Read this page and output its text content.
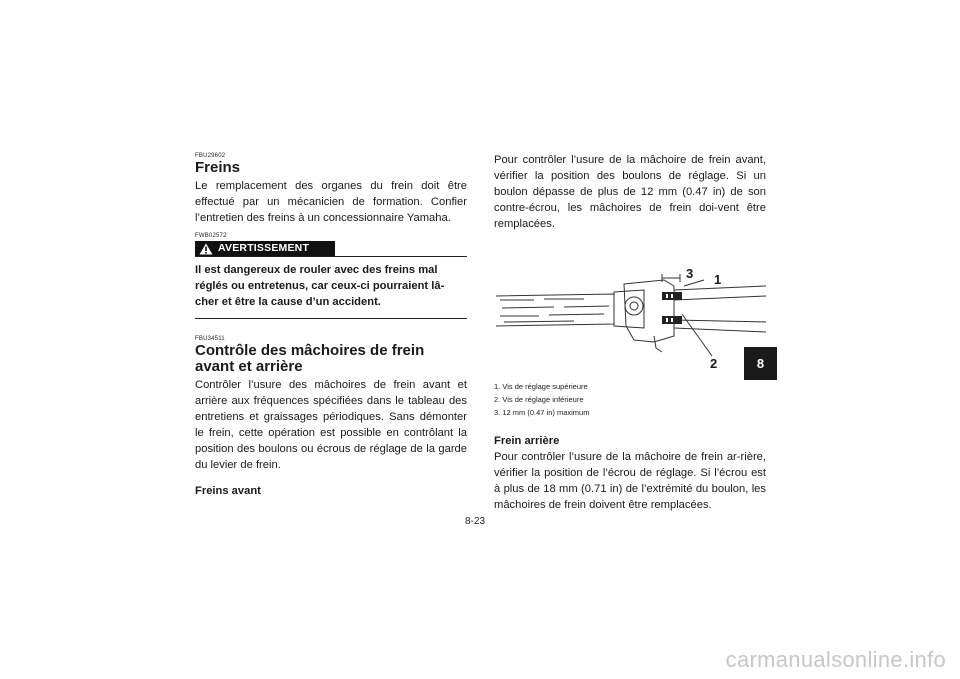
FBU29602
Freins

Le remplacement des organes du frein doit être effectué par un mécanicien de formation. Confier l’entretien des freins à un concessionnaire Yamaha.

FWB02572
AVERTISSEMENT
Il est dangereux de rouler avec des freins mal réglés ou entretenus, car ceux-ci pourraient lâ-cher et être la cause d’un accident.
FBU34511
Contrôle des mâchoires de frein avant et arrière

Contrôler l’usure des mâchoires de frein avant et arrière aux fréquences spécifiées dans le tableau des entretiens et graissages périodiques. Sans démonter le frein, cette opération est possible en contrôlant la position des boulons ou écrous de réglage de la garde du levier de frein.

Freins avant

Pour contrôler l’usure de la mâchoire de frein avant, vérifier la position des boulons de réglage. Si un boulon dépasse de plus de 12 mm (0.47 in) de son contre-écrou, les mâchoires de frein doi-vent être remplacées.

3 1
2
1. Vis de réglage supérieure
2. Vis de réglage inférieure
3. 12 mm (0.47 in) maximum
Frein arrière

Pour contrôler l’usure de la mâchoire de frein ar-rière, vérifier la position de l’écrou de réglage. Si l’écrou est à plus de 18 mm (0.71 in) de l’extrémité du boulon, les mâchoires de frein doivent être remplacées.

8-23
8
carmanualsonline.info
